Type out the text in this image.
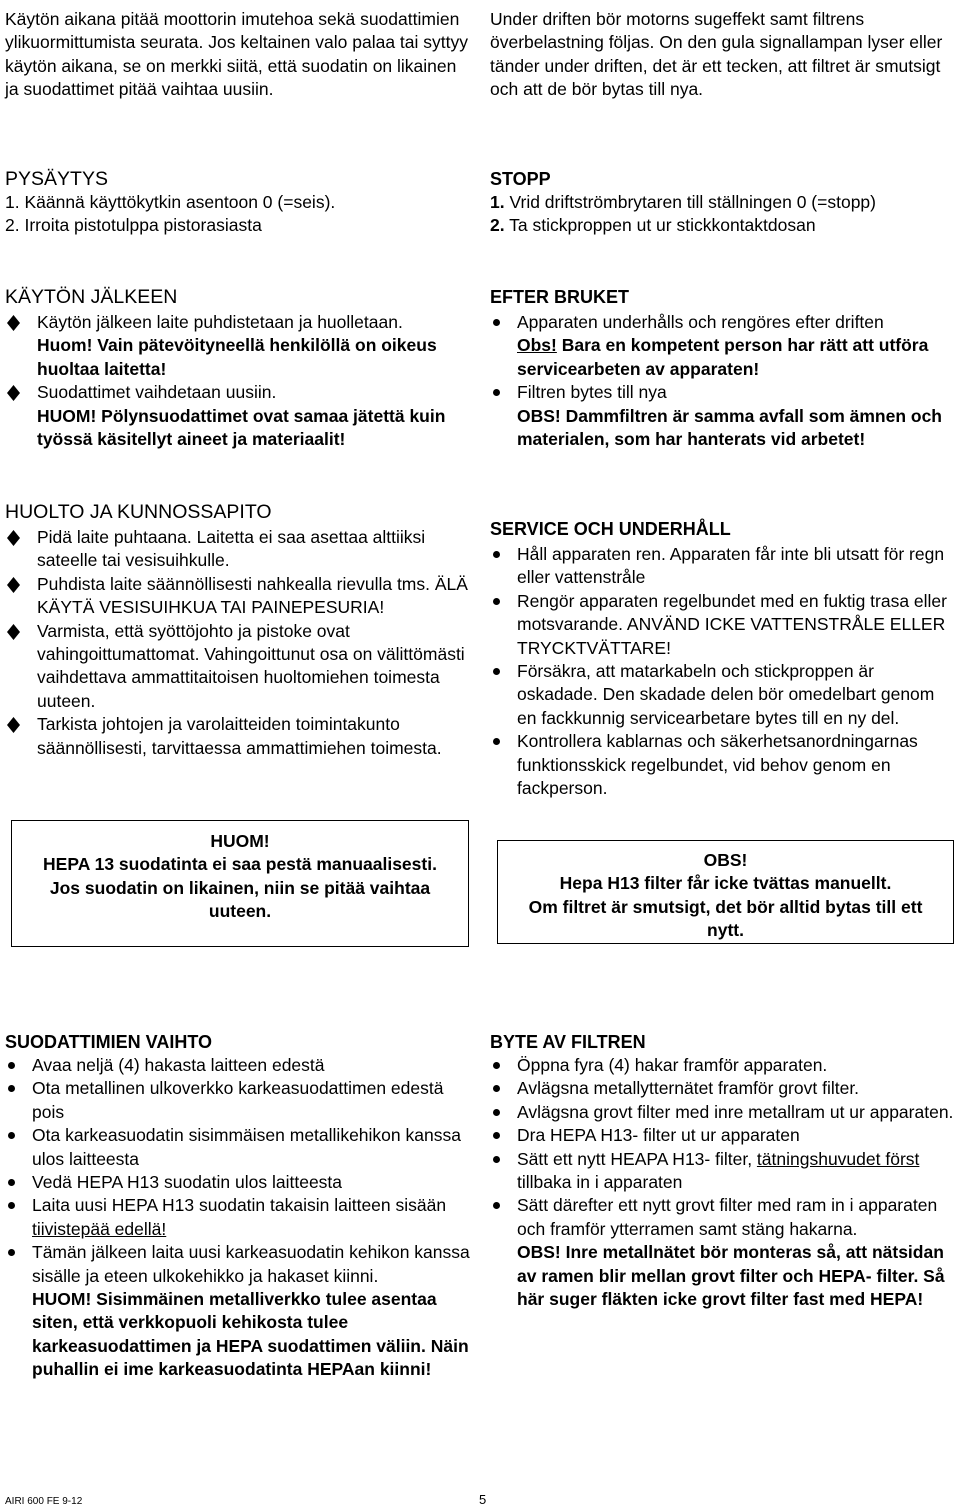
Käytön aikana pitää moottorin imutehoa sekä suodattimien ylikuormittumista seurata. Jos keltainen valo palaa tai syttyy käytön aikana, se on merkki siitä, että suodatin on likainen ja suodattimet pitää vaihtaa uusiin.

Under driften bör motorns sugeffekt samt filtrens överbelastning följas. On den gula signallampan lyser eller tänder under driften, det är ett tecken, att filtret är smutsigt och att de bör bytas till nya.

PYSÄYTYS

1. Käännä käyttökytkin asentoon 0 (=seis).

2. Irroita pistotulppa pistorasiasta

STOPP

1. Vrid driftströmbrytaren till ställningen 0 (=stopp)

2. Ta stickproppen ut ur stickkontaktdosan

KÄYTÖN JÄLKEEN
Käytön jälkeen laite puhdistetaan ja huolletaan.
Huom! Vain pätevöityneellä henkilöllä on oikeus huoltaa laitetta!
Suodattimet vaihdetaan uusiin.
HUOM! Pölynsuodattimet ovat samaa jätettä kuin työssä käsitellyt aineet ja materiaalit!
EFTER BRUKET
Apparaten underhålls och rengöres efter driften
Obs! Bara en kompetent person har rätt att utföra servicearbeten av apparaten!
Filtren bytes till nya
OBS! Dammfiltren är samma avfall som ämnen och materialen, som har hanterats vid arbetet!
HUOLTO JA KUNNOSSAPITO
Pidä laite puhtaana. Laitetta ei saa asettaa alttiiksi sateelle tai vesisuihkulle.
Puhdista laite säännöllisesti nahkealla rievulla tms. ÄLÄ KÄYTÄ VESISUIHKUA TAI PAINEPESURIA!
Varmista, että syöttöjohto ja pistoke ovat vahingoittumattomat. Vahingoittunut osa on välittömästi vaihdettava ammattitaitoisen huoltomiehen toimesta uuteen.
Tarkista johtojen ja varolaitteiden toimintakunto säännöllisesti, tarvittaessa ammattimiehen toimesta.
SERVICE OCH UNDERHÅLL
Håll apparaten ren. Apparaten får inte bli utsatt för regn eller vattenstråle
Rengör apparaten regelbundet med en fuktig trasa eller motsvarande. ANVÄND ICKE VATTENSTRÅLE ELLER TRYCKTVÄTTARE!
Försäkra, att matarkabeln och stickproppen är oskadade. Den skadade delen bör omedelbart genom en fackkunnig servicearbetare bytes till en ny del.
Kontrollera kablarnas och säkerhetsanordningarnas funktionsskick regelbundet, vid behov genom en fackperson.
HUOM!
HEPA 13 suodatinta ei saa pestä manuaalisesti.
Jos suodatin on likainen, niin se pitää vaihtaa uuteen.
OBS!
Hepa H13 filter får icke tvättas manuellt.
Om filtret är smutsigt, det bör alltid bytas till ett nytt.
SUODATTIMIEN VAIHTO
Avaa neljä (4) hakasta laitteen edestä
Ota metallinen ulkoverkko karkeasuodattimen edestä pois
Ota karkeasuodatin sisimmäisen metallikehikon kanssa ulos laitteesta
Vedä HEPA H13 suodatin ulos laitteesta
Laita uusi HEPA H13 suodatin takaisin laitteen sisään tiivistepää edellä!
Tämän jälkeen laita uusi karkeasuodatin kehikon kanssa sisälle ja eteen ulkokehikko ja hakaset kiinni.
HUOM! Sisimmäinen metalliverkko tulee asentaa siten, että verkkopuoli kehikosta tulee karkeasuodattimen ja HEPA suodattimen väliin. Näin puhallin ei ime karkeasuodatinta HEPAan kiinni!
BYTE AV FILTREN
Öppna fyra (4) hakar framför apparaten.
Avlägsna metallytternätet framför grovt filter.
Avlägsna grovt filter med inre metallram ut ur apparaten.
Dra HEPA H13- filter ut ur apparaten
Sätt ett nytt HEAPA H13- filter, tätningshuvudet först tillbaka in i apparaten
Sätt därefter ett nytt grovt filter med ram in i apparaten och framför ytterramen samt stäng hakarna.
OBS! Inre metallnätet bör monteras så, att nätsidan av ramen blir mellan grovt filter och HEPA- filter. Så här suger fläkten icke grovt filter fast med HEPA!
AIRI 600 FE 9-12	5
